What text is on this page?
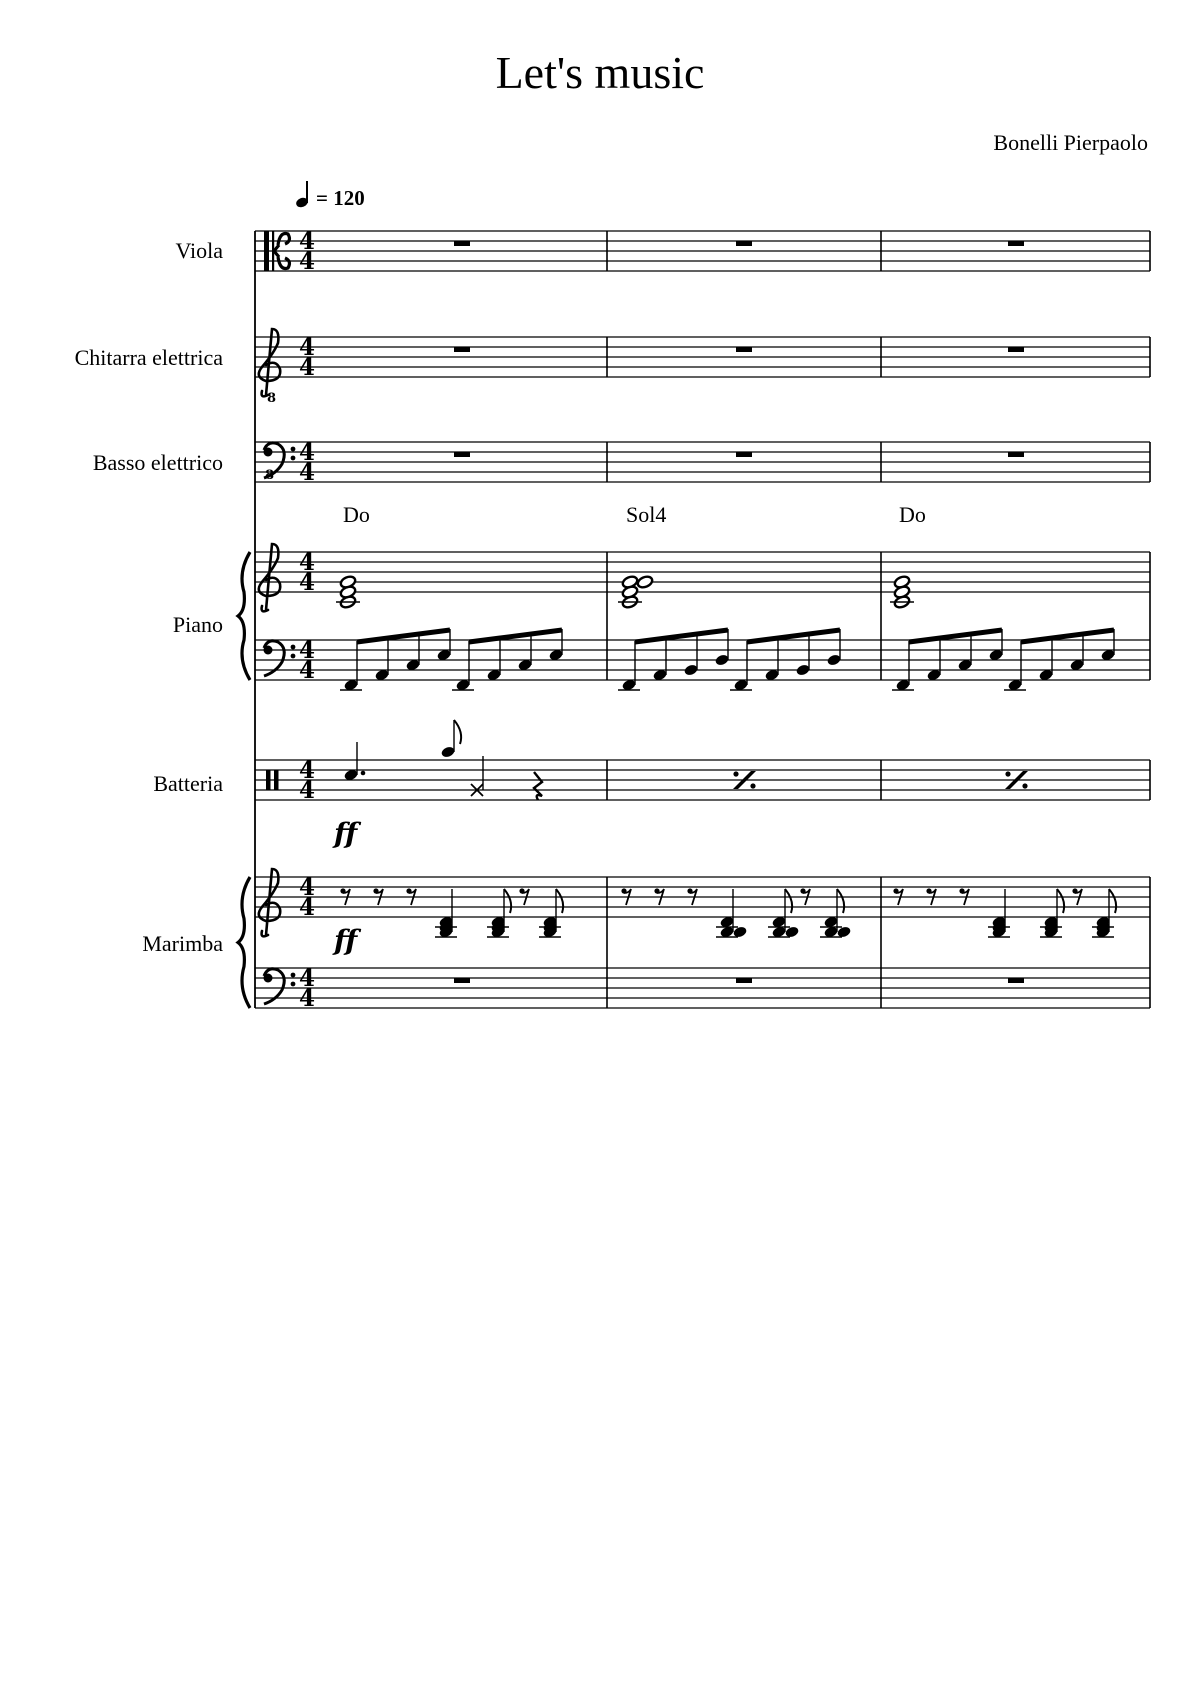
Let's music
Bonelli Pierpaolo
= 120
Viola
Chitarra elettrica
Basso elettrico
Piano
Batteria
Marimba
Do	Sol4	Do
4
4
4
4
4
4
4
4
4
4
4
4
4
4
4
4
ff
ff
8
8
